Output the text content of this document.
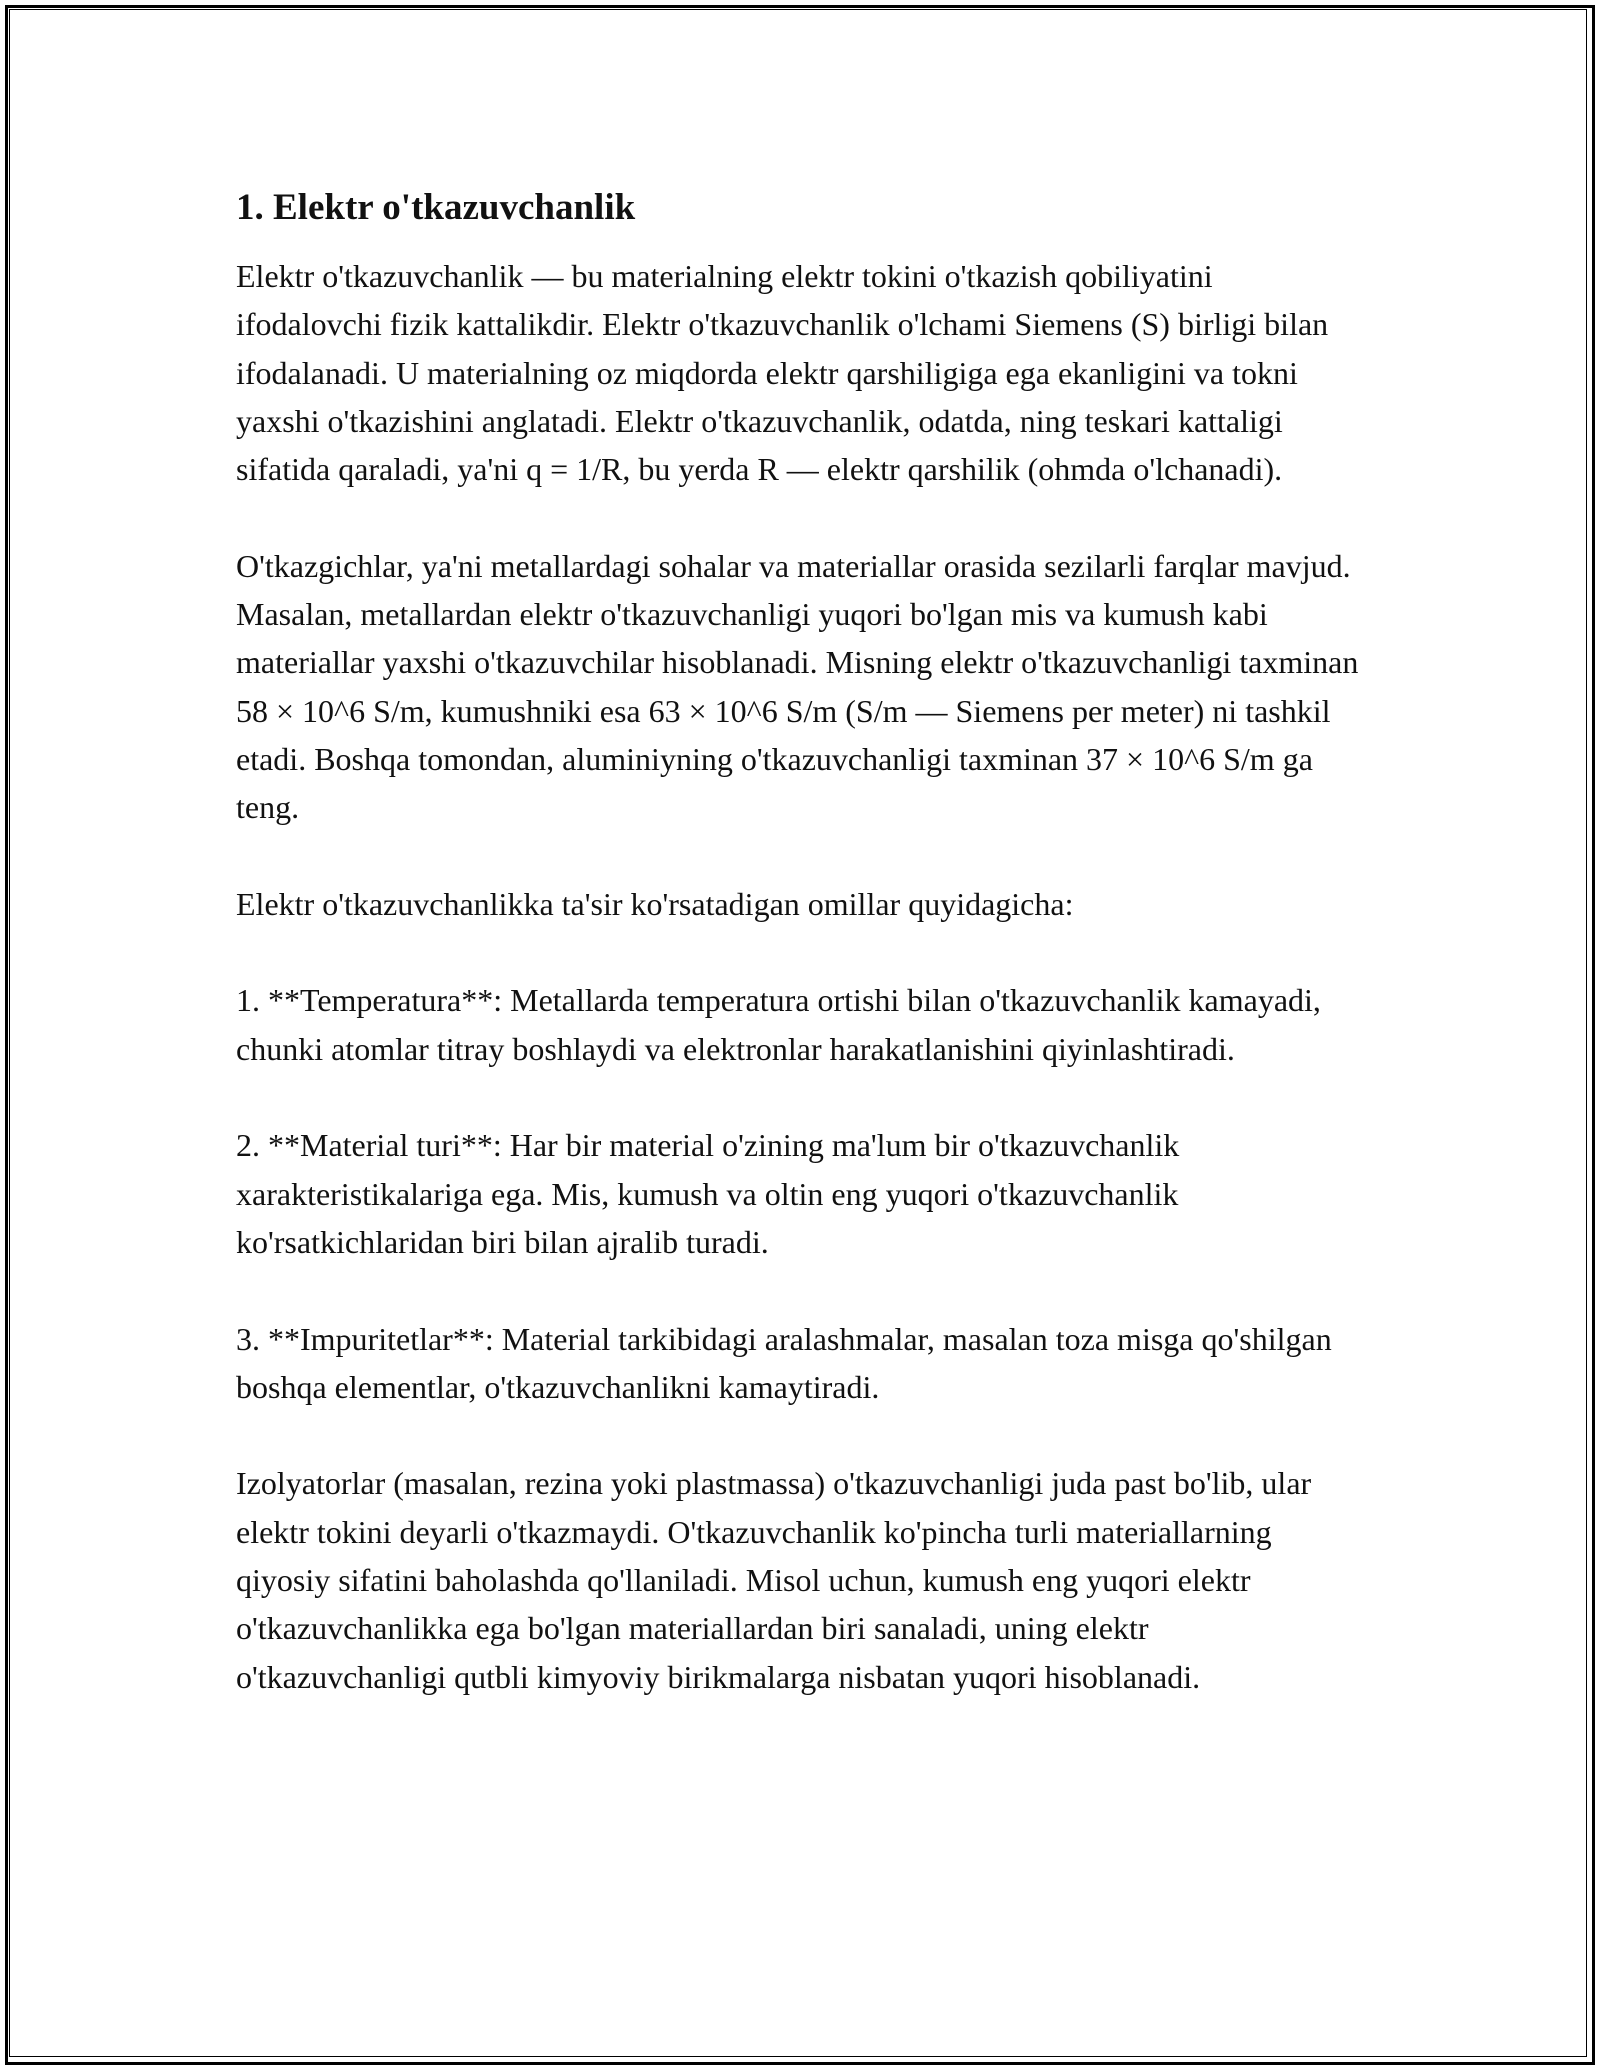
1. Elektr o'tkazuvchanlik

Elektr o'tkazuvchanlik — bu materialning elektr tokini o'tkazish qobiliyatini ifodalovchi fizik kattalikdir. Elektr o'tkazuvchanlik o'lchami Siemens (S) birligi bilan ifodalanadi. U materialning oz miqdorda elektr qarshiligiga ega ekanligini va tokni yaxshi o'tkazishini anglatadi. Elektr o'tkazuvchanlik, odatda, ning teskari kattaligi sifatida qaraladi, ya'ni q = 1/R, bu yerda R — elektr qarshilik (ohmda o'lchanadi).

O'tkazgichlar, ya'ni metallardagi sohalar va materiallar orasida sezilarli farqlar mavjud. Masalan, metallardan elektr o'tkazuvchanligi yuqori bo'lgan mis va kumush kabi materiallar yaxshi o'tkazuvchilar hisoblanadi. Misning elektr o'tkazuvchanligi taxminan 58 × 10^6 S/m, kumushniki esa 63 × 10^6 S/m (S/m — Siemens per meter) ni tashkil etadi. Boshqa tomondan, aluminiyning o'tkazuvchanligi taxminan 37 × 10^6 S/m ga teng.

Elektr o'tkazuvchanlikka ta'sir ko'rsatadigan omillar quyidagicha:

1. **Temperatura**: Metallarda temperatura ortishi bilan o'tkazuvchanlik kamayadi, chunki atomlar titray boshlaydi va elektronlar harakatlanishini qiyinlashtiradi.

2. **Material turi**: Har bir material o'zining ma'lum bir o'tkazuvchanlik xarakteristikalariga ega. Mis, kumush va oltin eng yuqori o'tkazuvchanlik ko'rsatkichlaridan biri bilan ajralib turadi.

3. **Impuritetlar**: Material tarkibidagi aralashmalar, masalan toza misga qo'shilgan boshqa elementlar, o'tkazuvchanlikni kamaytiradi.

Izolyatorlar (masalan, rezina yoki plastmassa) o'tkazuvchanligi juda past bo'lib, ular elektr tokini deyarli o'tkazmaydi. O'tkazuvchanlik ko'pincha turli materiallarning qiyosiy sifatini baholashda qo'llaniladi. Misol uchun, kumush eng yuqori elektr o'tkazuvchanlikka ega bo'lgan materiallardan biri sanaladi, uning elektr o'tkazuvchanligi qutbli kimyoviy birikmalarga nisbatan yuqori hisoblanadi.
